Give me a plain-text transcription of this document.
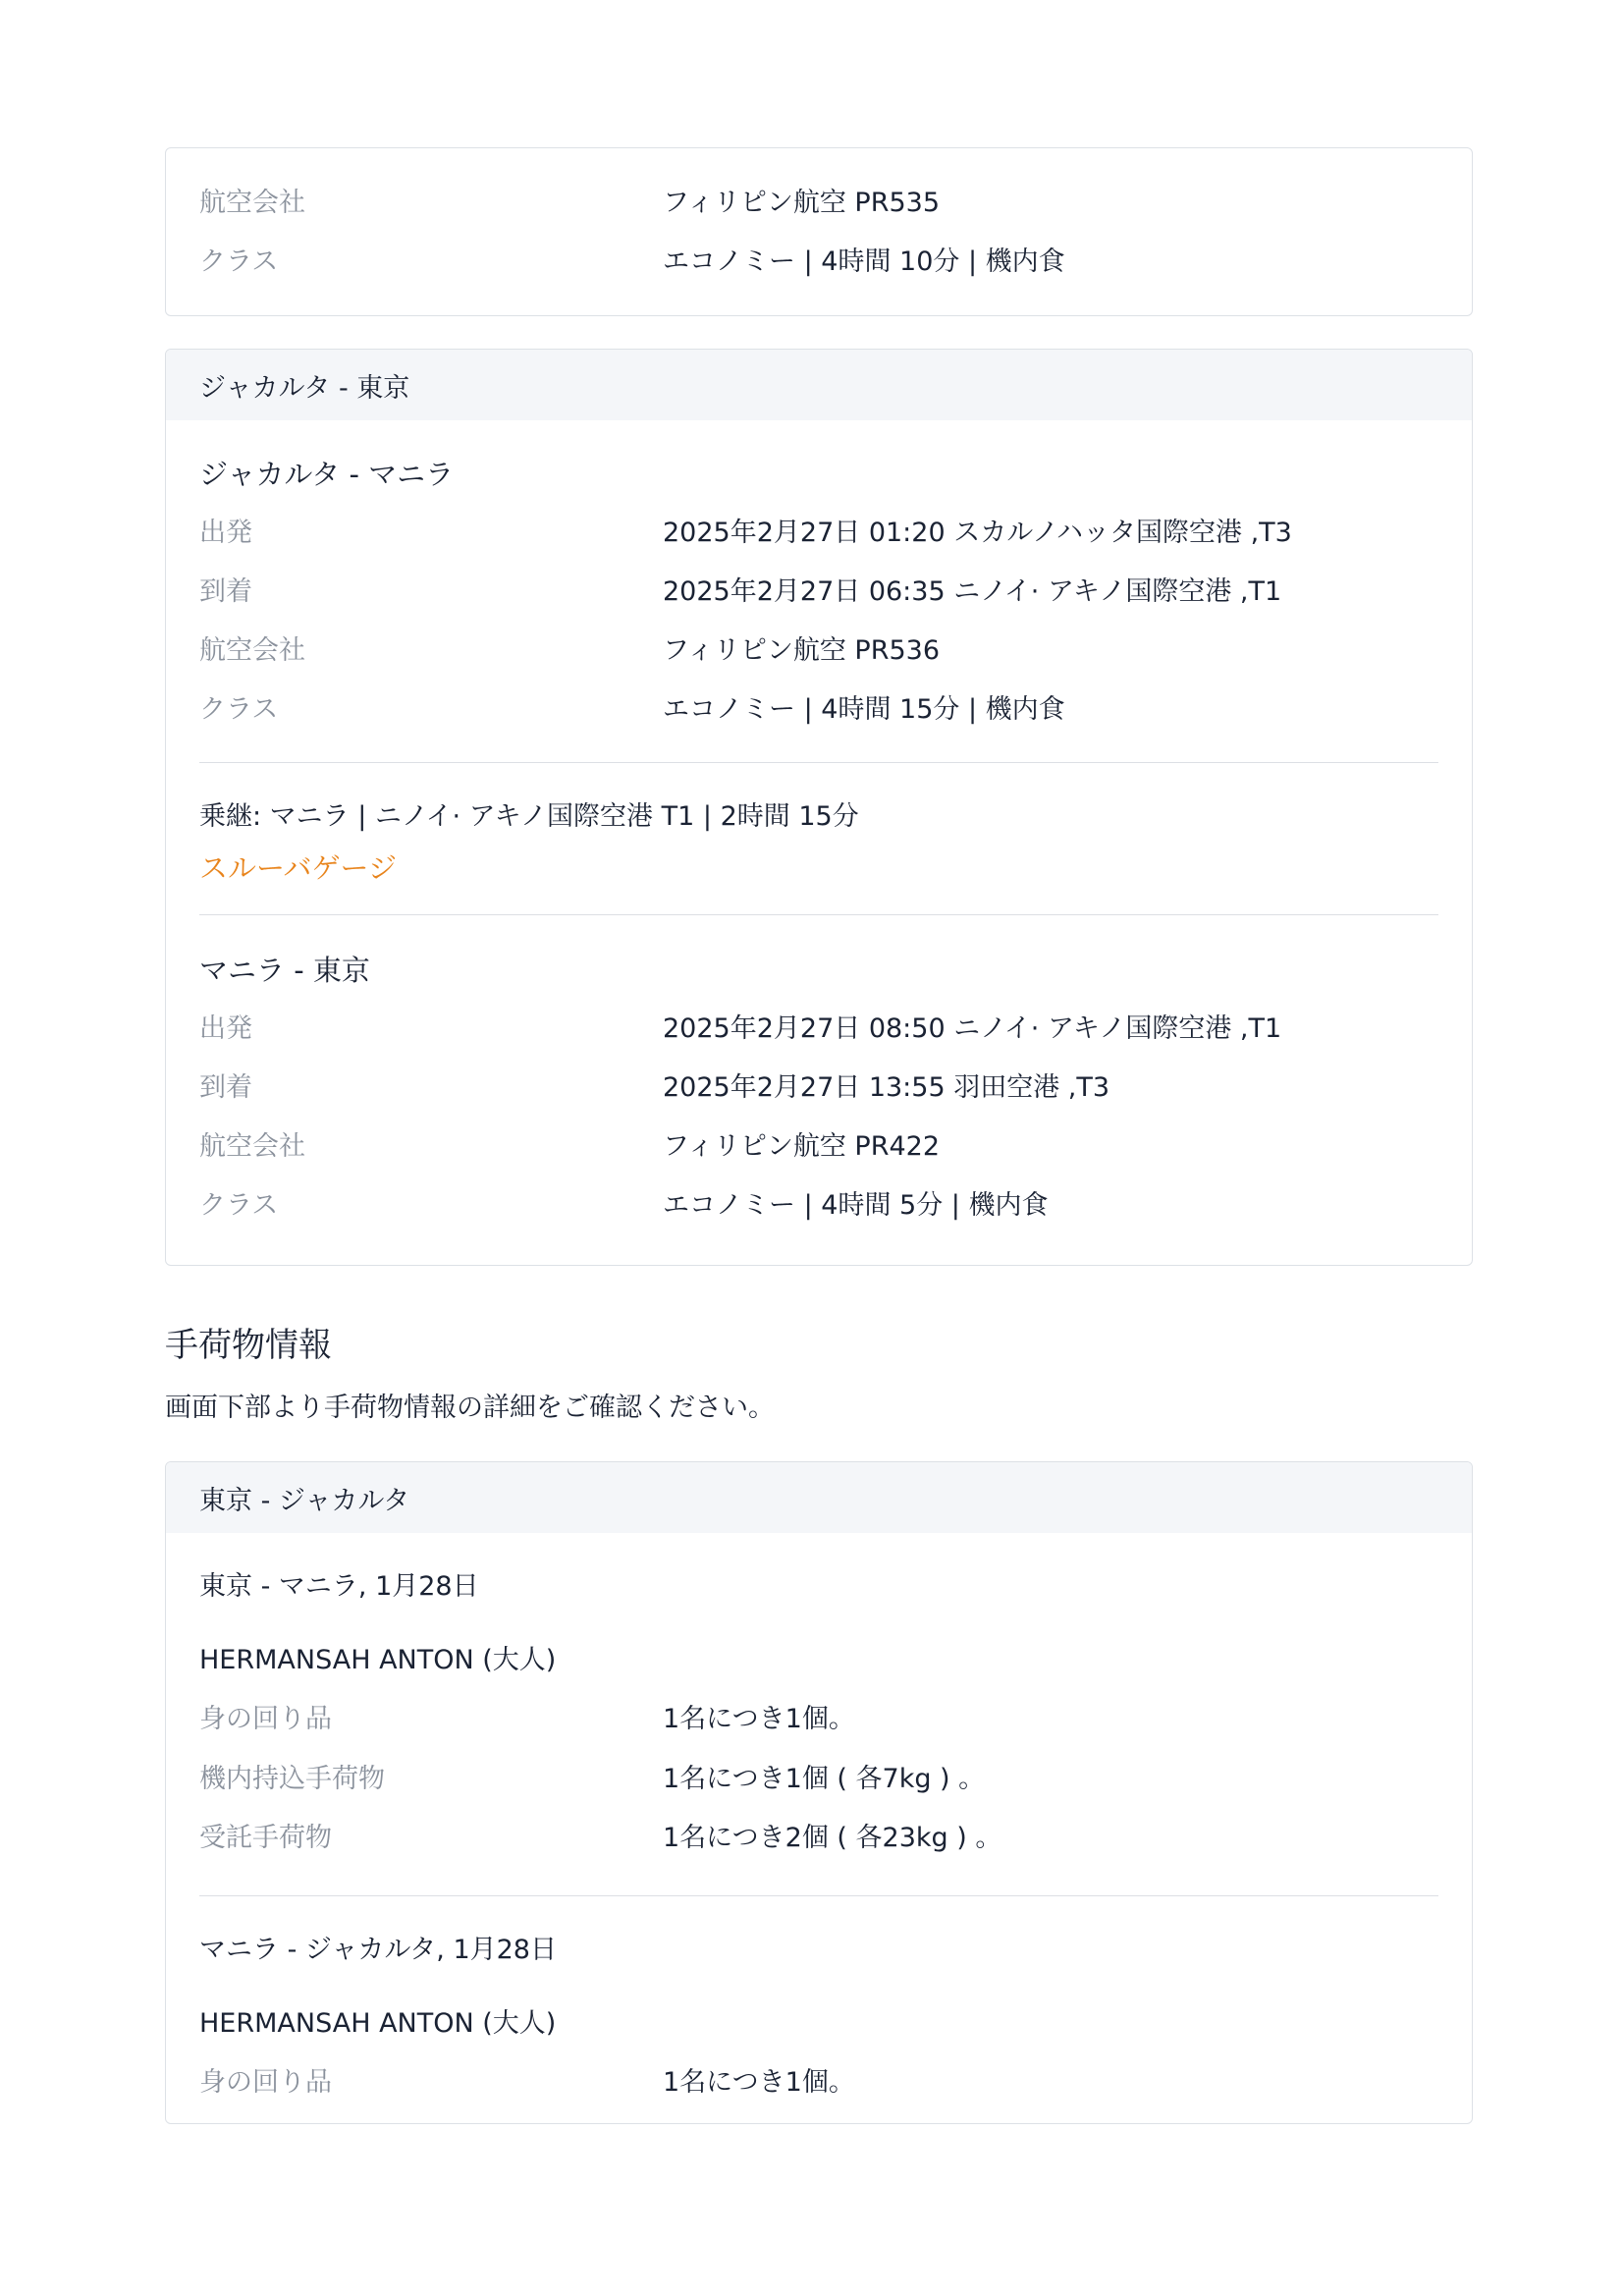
航空会社	フィリピン航空 PR535
クラス	エコノミー | 4時間 10分 | 機内食
ジャカルタ - 東京
ジャカルタ - マニラ
出発	2025年2月27日 01:20 スカルノハッタ国際空港 ,T3
到着	2025年2月27日 06:35 ニノイ· アキノ国際空港 ,T1
航空会社	フィリピン航空 PR536
クラス	エコノミー | 4時間 15分 | 機内食
乗継: マニラ | ニノイ· アキノ国際空港 T1 | 2時間 15分
スルーバゲージ
マニラ - 東京
出発	2025年2月27日 08:50 ニノイ· アキノ国際空港 ,T1
到着	2025年2月27日 13:55 羽田空港 ,T3
航空会社	フィリピン航空 PR422
クラス	エコノミー | 4時間 5分 | 機内食
手荷物情報
画面下部より手荷物情報の詳細をご確認ください。
東京 - ジャカルタ
東京 - マニラ, 1月28日
HERMANSAH ANTON (大人)
身の回り品	1名につき1個。
機内持込手荷物	1名につき1個 ( 各7kg ) 。
受託手荷物	1名につき2個 ( 各23kg ) 。
マニラ - ジャカルタ, 1月28日
HERMANSAH ANTON (大人)
身の回り品	1名につき1個。
